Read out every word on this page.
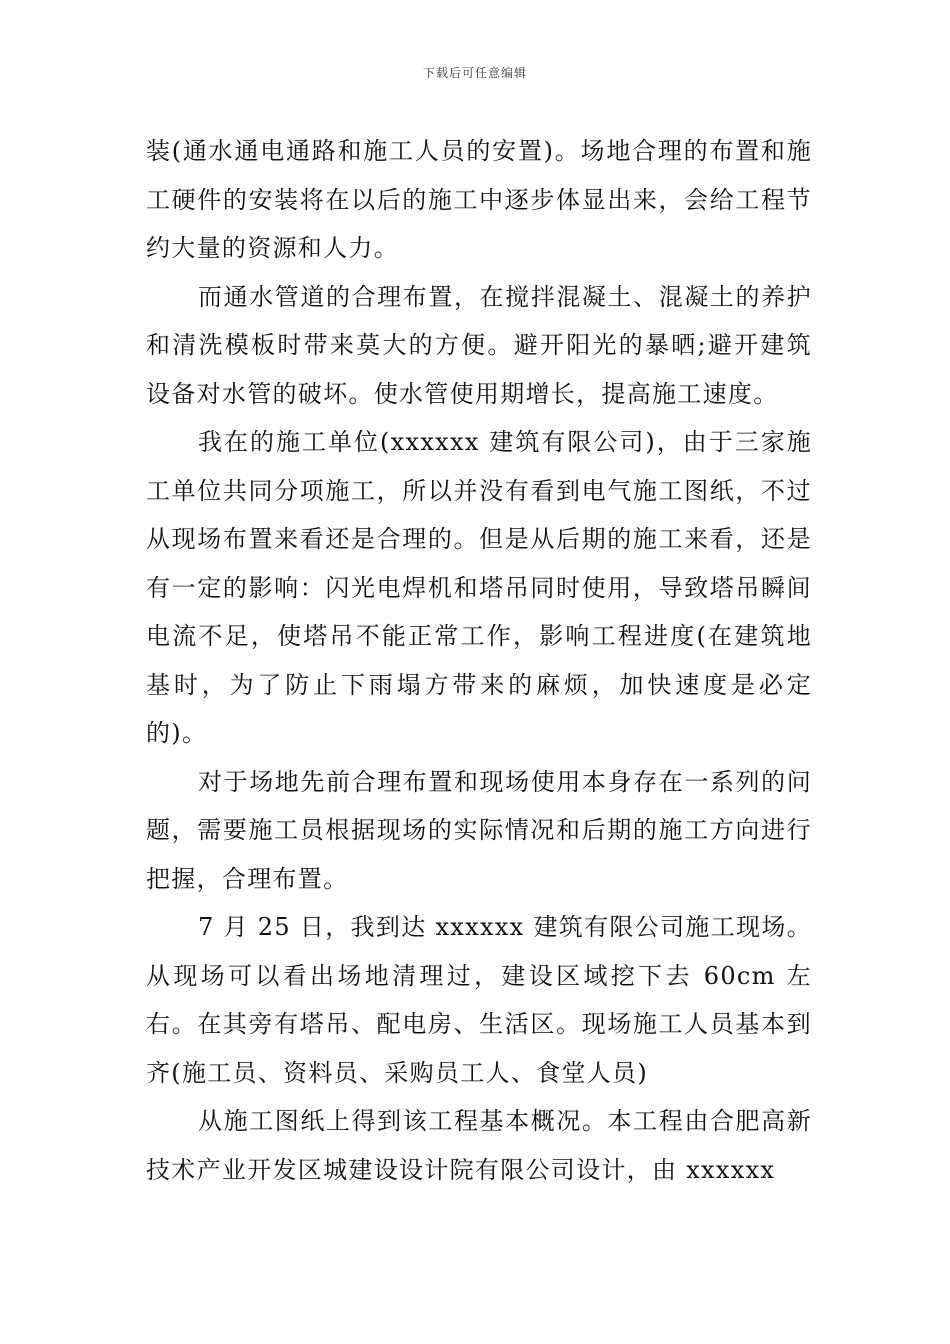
下载后可任意编辑

装(通水通电通路和施工人员的安置)。场地合理的布置和施工硬件的安装将在以后的施工中逐步体显出来，会给工程节约大量的资源和人力。

而通水管道的合理布置，在搅拌混凝土、混凝土的养护和清洗模板时带来莫大的方便。避开阳光的暴晒;避开建筑设备对水管的破坏。使水管使用期增长，提高施工速度。

我在的施工单位(xxxxxx 建筑有限公司)，由于三家施工单位共同分项施工，所以并没有看到电气施工图纸，不过从现场布置来看还是合理的。但是从后期的施工来看，还是有一定的影响：闪光电焊机和塔吊同时使用，导致塔吊瞬间电流不足，使塔吊不能正常工作，影响工程进度(在建筑地基时，为了防止下雨塌方带来的麻烦，加快速度是必定的)。

对于场地先前合理布置和现场使用本身存在一系列的问题，需要施工员根据现场的实际情况和后期的施工方向进行把握，合理布置。

7 月 25 日，我到达 xxxxxx 建筑有限公司施工现场。从现场可以看出场地清理过，建设区域挖下去 60cm 左右。在其旁有塔吊、配电房、生活区。现场施工人员基本到齐(施工员、资料员、采购员工人、食堂人员)

从施工图纸上得到该工程基本概况。本工程由合肥高新技术产业开发区城建设设计院有限公司设计，由 xxxxxx
